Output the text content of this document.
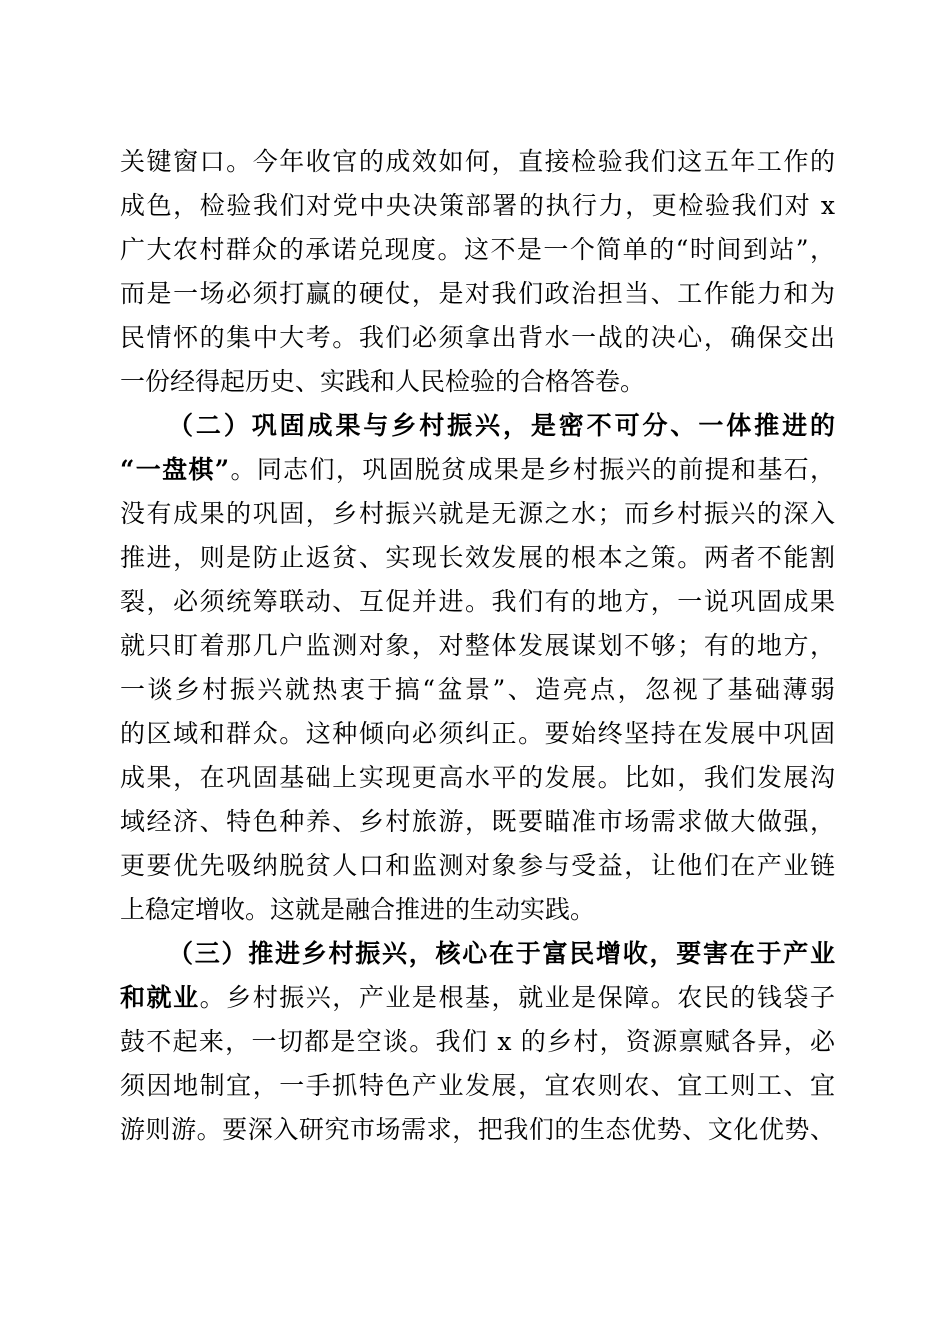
关键窗口。今年收官的成效如何，直接检验我们这五年工作的
成色，检验我们对党中央决策部署的执行力，更检验我们对 x
广大农村群众的承诺兑现度。这不是一个简单的“时间到站”，
而是一场必须打赢的硬仗，是对我们政治担当、工作能力和为
民情怀的集中大考。我们必须拿出背水一战的决心，确保交出
一份经得起历史、实践和人民检验的合格答卷。
（二）巩固成果与乡村振兴，是密不可分、一体推进的
“一盘棋”。同志们，巩固脱贫成果是乡村振兴的前提和基石，
没有成果的巩固，乡村振兴就是无源之水；而乡村振兴的深入
推进，则是防止返贫、实现长效发展的根本之策。两者不能割
裂，必须统筹联动、互促并进。我们有的地方，一说巩固成果
就只盯着那几户监测对象，对整体发展谋划不够；有的地方，
一谈乡村振兴就热衷于搞“盆景”、造亮点，忽视了基础薄弱
的区域和群众。这种倾向必须纠正。要始终坚持在发展中巩固
成果，在巩固基础上实现更高水平的发展。比如，我们发展沟
域经济、特色种养、乡村旅游，既要瞄准市场需求做大做强，
更要优先吸纳脱贫人口和监测对象参与受益，让他们在产业链
上稳定增收。这就是融合推进的生动实践。
（三）推进乡村振兴，核心在于富民增收，要害在于产业
和就业。乡村振兴，产业是根基，就业是保障。农民的钱袋子
鼓不起来，一切都是空谈。我们 x 的乡村，资源禀赋各异，必
须因地制宜，一手抓特色产业发展，宜农则农、宜工则工、宜
游则游。要深入研究市场需求，把我们的生态优势、文化优势、
